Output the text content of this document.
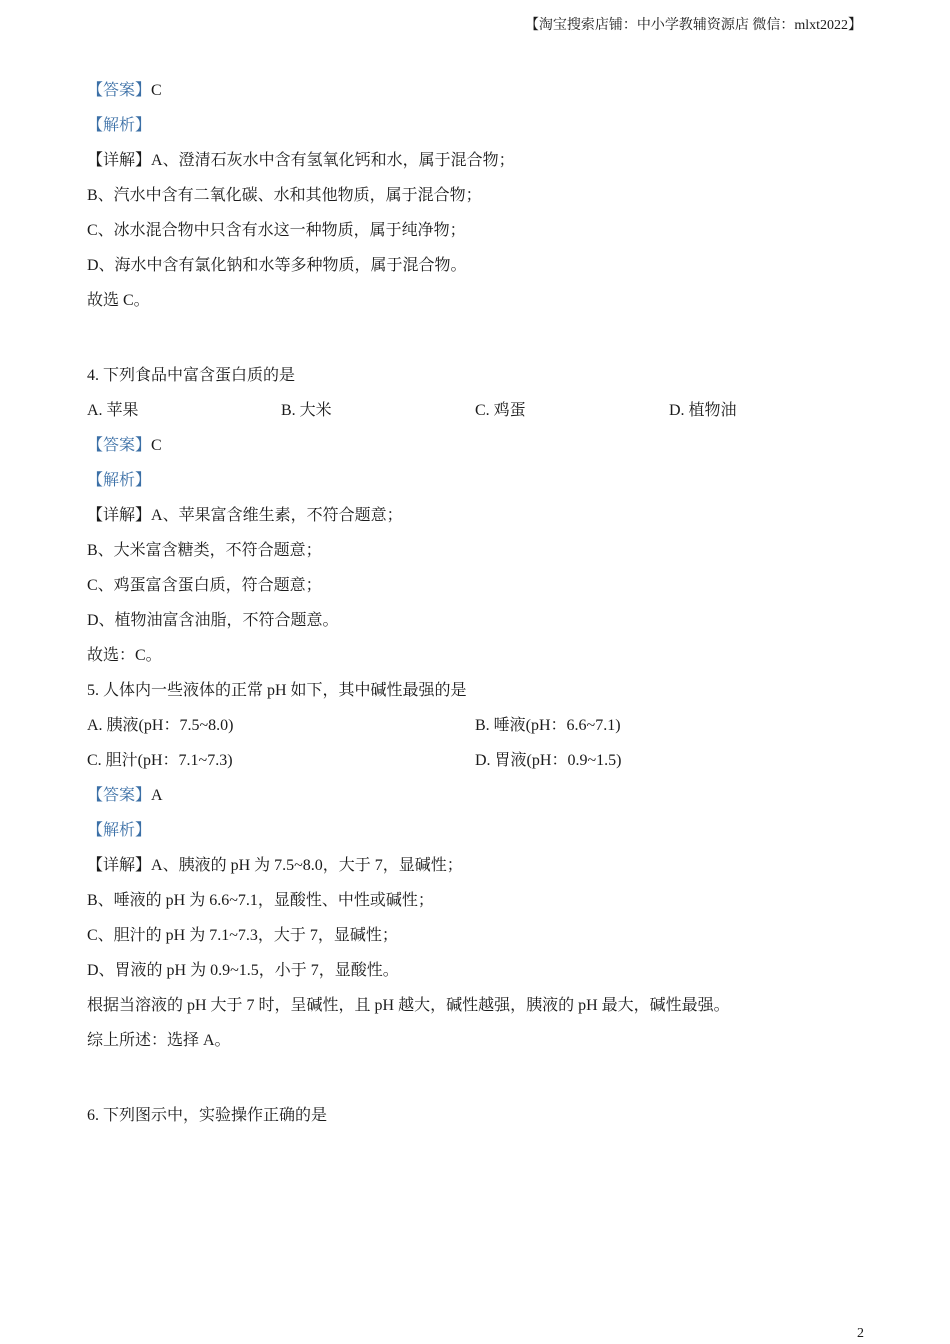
【淘宝搜索店铺：中小学教辅资源店 微信：mlxt2022】
【答案】C
【解析】
【详解】A、澄清石灰水中含有氢氧化钙和水，属于混合物；
B、汽水中含有二氧化碳、水和其他物质，属于混合物；
C、冰水混合物中只含有水这一种物质，属于纯净物；
D、海水中含有氯化钠和水等多种物质，属于混合物。
故选 C。
4. 下列食品中富含蛋白质的是
A. 苹果	B. 大米	C. 鸡蛋	D. 植物油
【答案】C
【解析】
【详解】A、苹果富含维生素，不符合题意；
B、大米富含糖类，不符合题意；
C、鸡蛋富含蛋白质，符合题意；
D、植物油富含油脂，不符合题意。
故选：C。
5. 人体内一些液体的正常 pH 如下，其中碱性最强的是
A. 胰液(pH：7.5~8.0)	B. 唾液(pH：6.6~7.1)
C. 胆汁(pH：7.1~7.3)	D. 胃液(pH：0.9~1.5)
【答案】A
【解析】
【详解】A、胰液的 pH 为 7.5~8.0，大于 7，显碱性；
B、唾液的 pH 为 6.6~7.1，显酸性、中性或碱性；
C、胆汁的 pH 为 7.1~7.3，大于 7，显碱性；
D、胃液的 pH 为 0.9~1.5，小于 7，显酸性。
根据当溶液的 pH 大于 7 时，呈碱性，且 pH 越大，碱性越强，胰液的 pH 最大，碱性最强。
综上所述：选择 A。
6. 下列图示中，实验操作正确的是
2
